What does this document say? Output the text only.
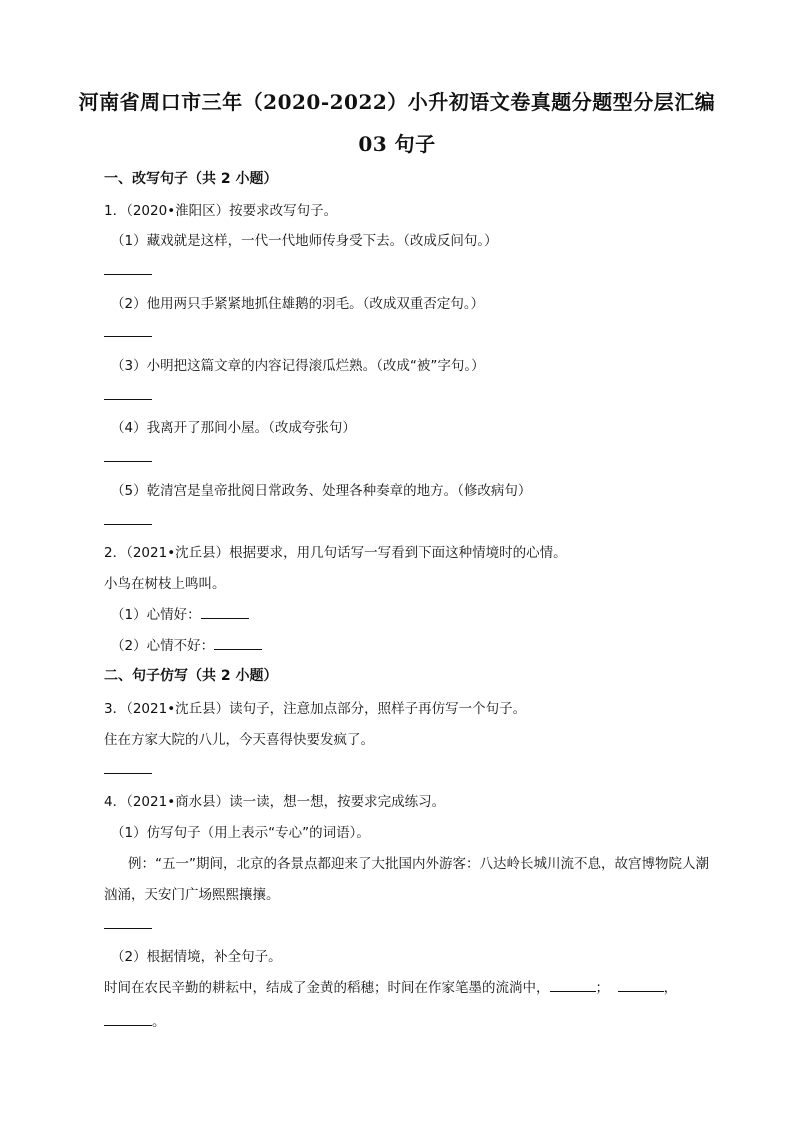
河南省周口市三年（2020-2022）小升初语文卷真题分题型分层汇编
03 句子
一、改写句子（共 2 小题）
1．（2020•淮阳区）按要求改写句子。
（1）藏戏就是这样，一代一代地师传身受下去。（改成反问句。）
（2）他用两只手紧紧地抓住雄鹅的羽毛。（改成双重否定句。）
（3）小明把这篇文章的内容记得滚瓜烂熟。（改成“被”字句。）
（4）我离开了那间小屋。（改成夸张句）
（5）乾清宫是皇帝批阅日常政务、处理各种奏章的地方。（修改病句）
2．（2021•沈丘县）根据要求，用几句话写一写看到下面这种情境时的心情。
小鸟在树枝上鸣叫。
（1）心情好：
（2）心情不好：
二、句子仿写（共 2 小题）
3．（2021•沈丘县）读句子，注意加点部分，照样子再仿写一个句子。
住在方家大院的八儿，今天喜得快要发疯了。
4．（2021•商水县）读一读，想一想，按要求完成练习。
（1）仿写句子（用上表示“专心”的词语）。
例：“五一”期间，北京的各景点都迎来了大批国内外游客：八达岭长城川流不息，故宫博物院人潮
汹涌，天安门广场熙熙攘攘。
（2）根据情境，补全句子。
时间在农民辛勤的耕耘中，结成了金黄的稻穗；时间在作家笔墨的流淌中，	；	，
。
